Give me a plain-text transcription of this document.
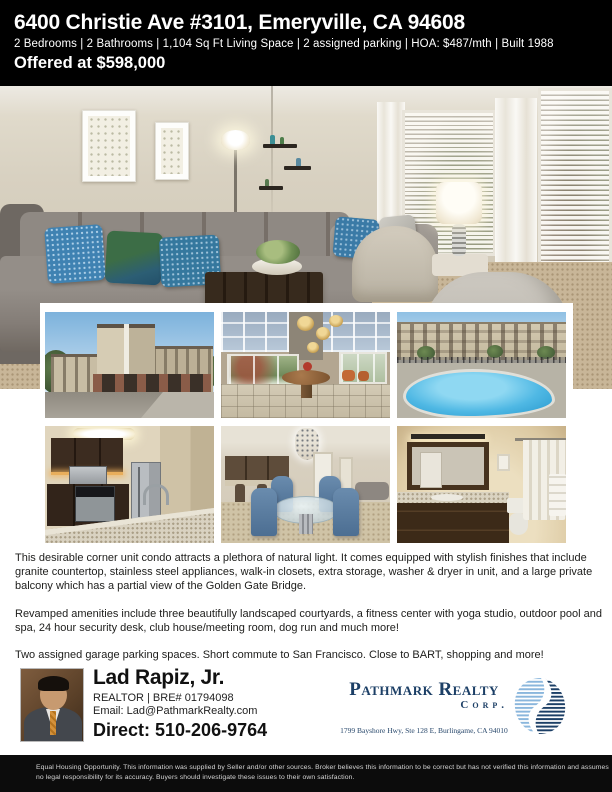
6400 Christie Ave #3101, Emeryville, CA 94608
2 Bedrooms | 2 Bathrooms | 1,104 Sq Ft Living Space | 2 assigned parking | HOA: $487/mth | Built 1988
Offered at $598,000

This desirable corner unit condo attracts a plethora of natural light. It comes equipped with stylish finishes that include granite countertop, stainless steel appliances, walk-in closets, extra storage, washer & dryer in unit, and a large private balcony which has a partial view of the Golden Gate Bridge.

Revamped amenities include three beautifully landscaped courtyards, a fitness center with yoga studio, outdoor pool and spa, 24 hour security desk, club house/meeting room, dog run and much more!

Two assigned garage parking spaces. Short commute to San Francisco. Close to BART, shopping and more!

Lad Rapiz, Jr.
REALTOR | BRE# 01794098
Email: Lad@PathmarkRealty.com
Direct: 510-206-9764
Pathmark Realty
Corp.
1799 Bayshore Hwy, Ste 128 E, Burlingame, CA 94010
Equal Housing Opportunity. This information was supplied by Seller and/or other sources. Broker believes this information to be correct but has not verified this information and assumes
no legal responsibility for its accuracy. Buyers should investigate these issues to their own satisfaction.
